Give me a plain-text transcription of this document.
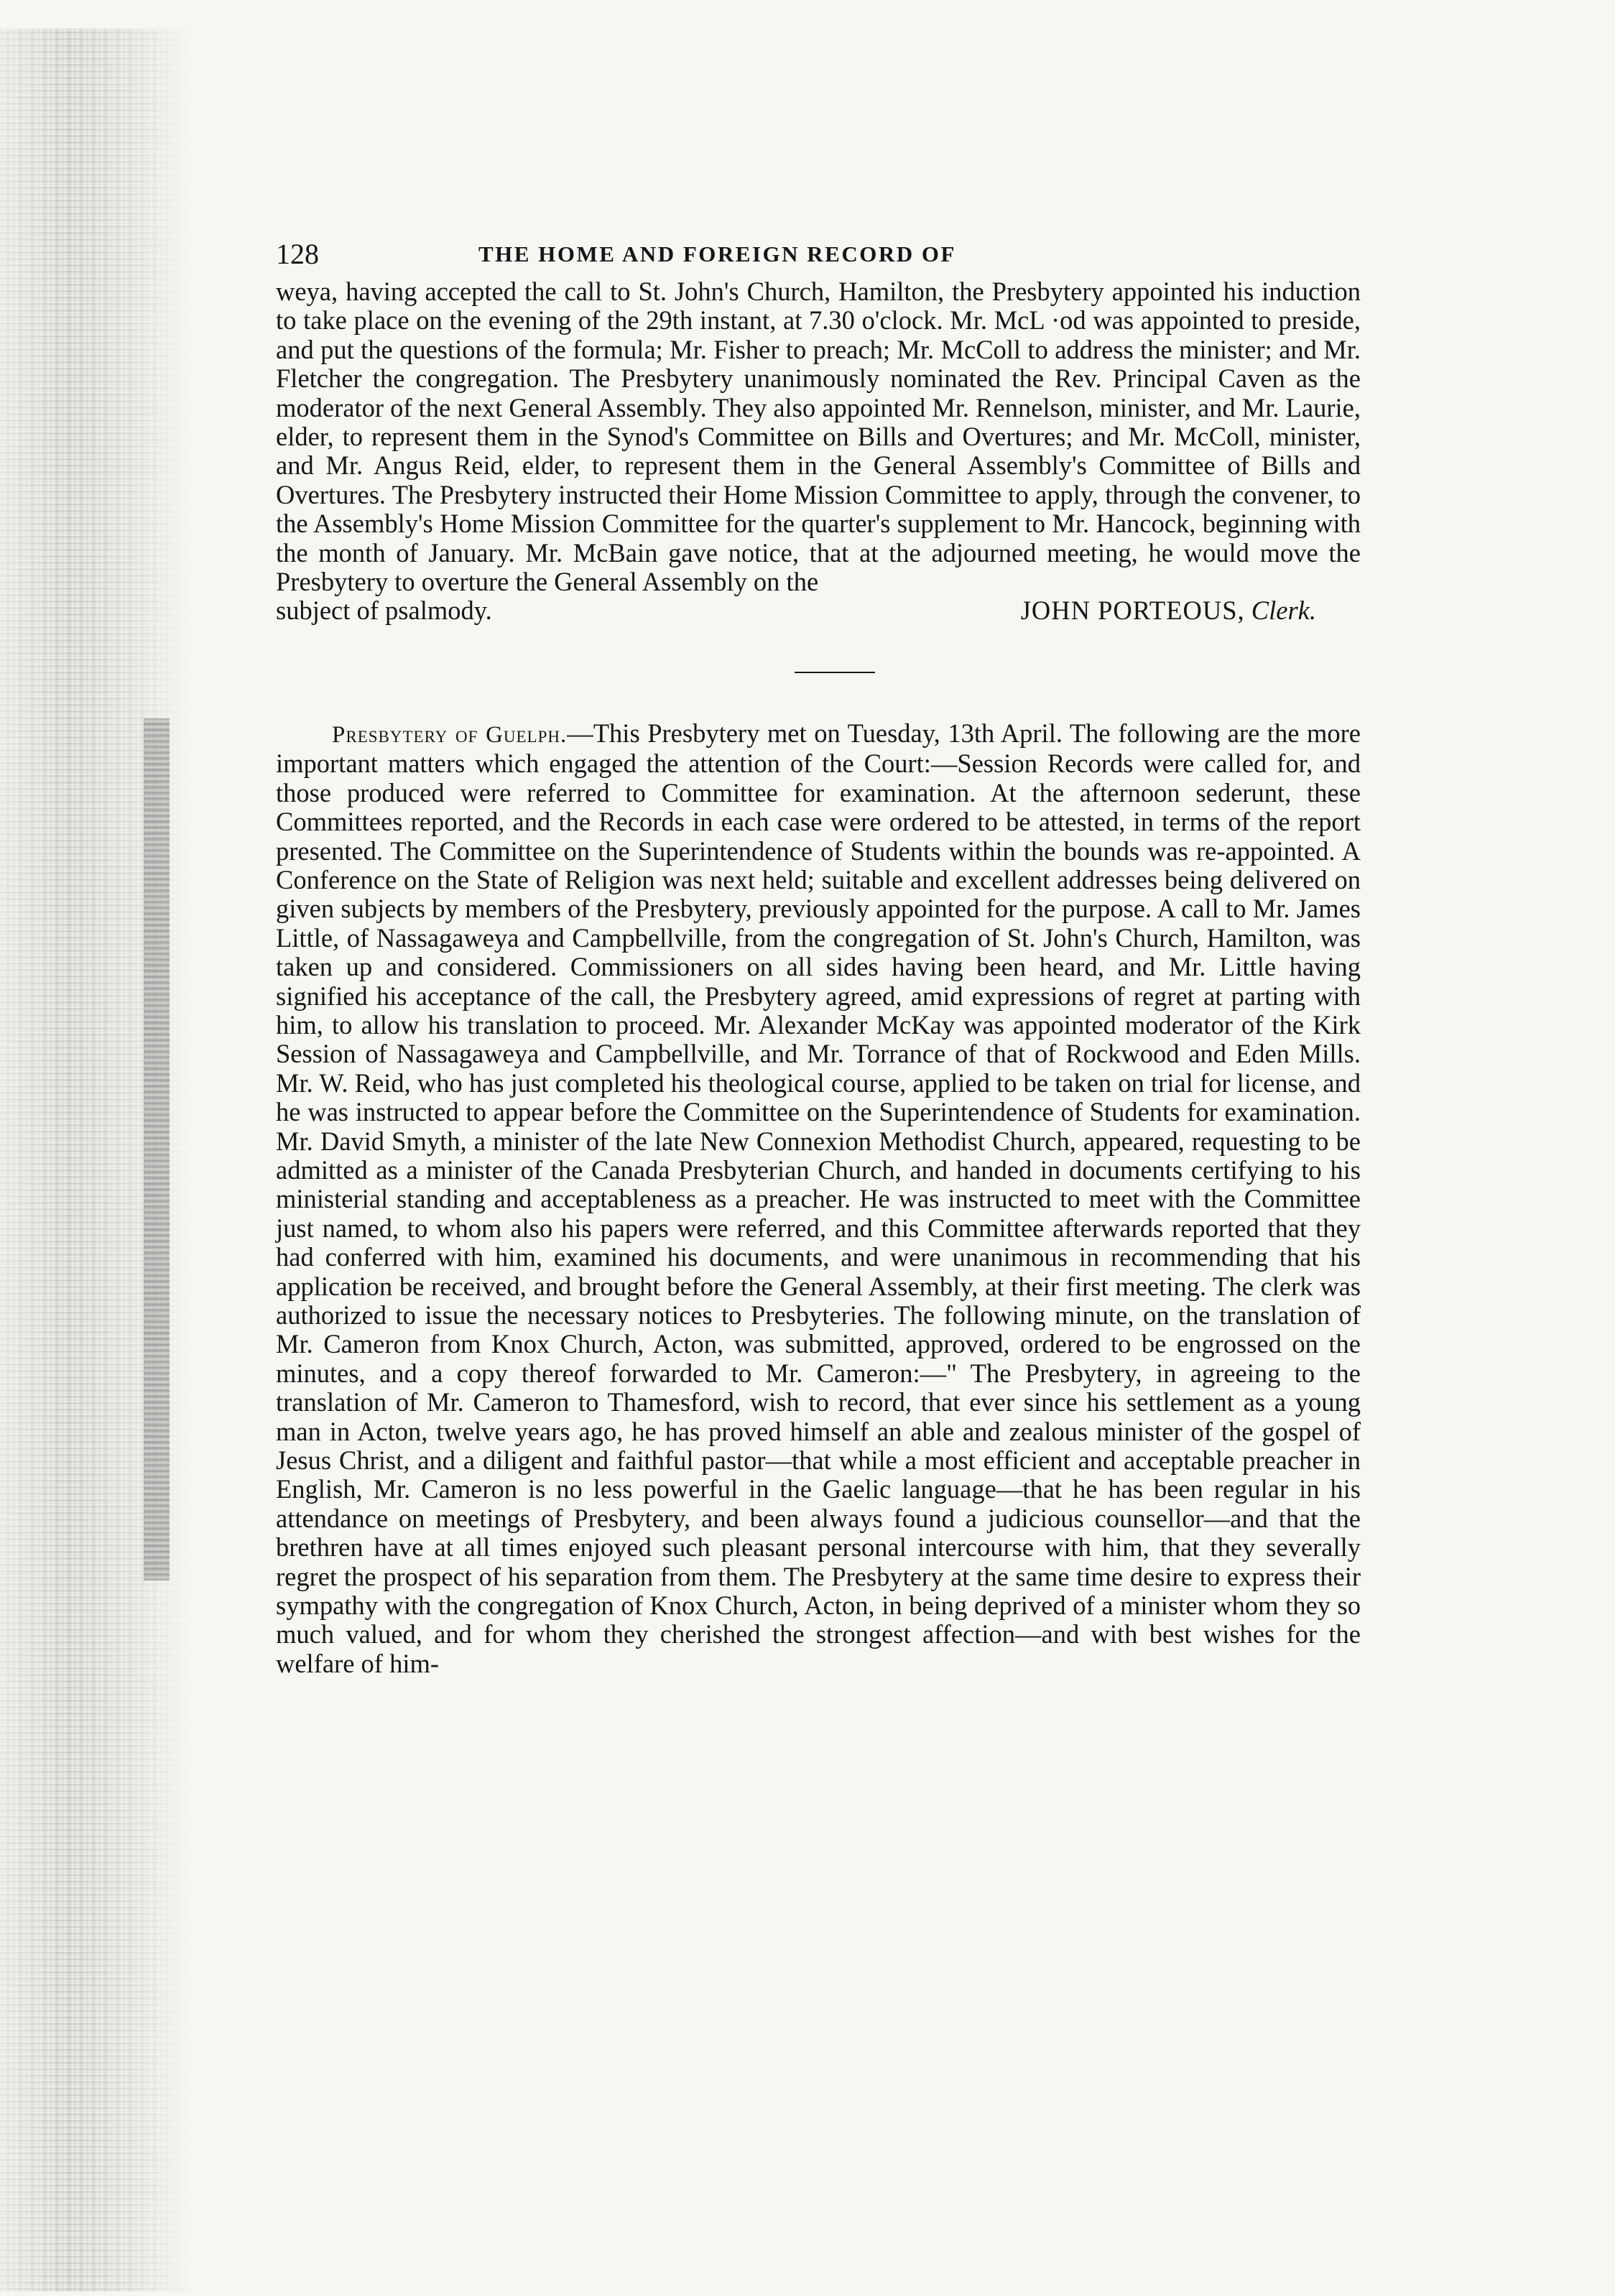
128	THE HOME AND FOREIGN RECORD OF
weya, having accepted the call to St. John's Church, Hamilton, the Presbytery appointed his induction to take place on the evening of the 29th instant, at 7.30 o'clock. Mr. McL ·od was appointed to preside, and put the questions of the formula; Mr. Fisher to preach; Mr. McColl to address the minister; and Mr. Fletcher the congregation. The Presbytery unanimously nominated the Rev. Principal Caven as the moderator of the next General Assembly. They also appointed Mr. Rennelson, minister, and Mr. Laurie, elder, to represent them in the Synod's Committee on Bills and Overtures; and Mr. McColl, minister, and Mr. Angus Reid, elder, to represent them in the General Assembly's Committee of Bills and Overtures. The Presbytery instructed their Home Mission Committee to apply, through the convener, to the Assembly's Home Mission Committee for the quarter's supplement to Mr. Hancock, beginning with the month of January. Mr. McBain gave notice, that at the adjourned meeting, he would move the Presbytery to overture the General Assembly on the
subject of psalmody.	JOHN PORTEOUS, Clerk.
Presbytery of Guelph.—This Presbytery met on Tuesday, 13th April. The following are the more important matters which engaged the attention of the Court:—Session Records were called for, and those produced were referred to Committee for examination. At the afternoon sederunt, these Committees reported, and the Records in each case were ordered to be attested, in terms of the report presented. The Committee on the Superintendence of Students within the bounds was re-appointed. A Conference on the State of Religion was next held; suitable and excellent addresses being delivered on given subjects by members of the Presbytery, previously appointed for the purpose. A call to Mr. James Little, of Nassagaweya and Campbellville, from the congregation of St. John's Church, Hamilton, was taken up and considered. Commissioners on all sides having been heard, and Mr. Little having signified his acceptance of the call, the Presbytery agreed, amid expressions of regret at parting with him, to allow his translation to proceed. Mr. Alexander McKay was appointed moderator of the Kirk Session of Nassagaweya and Campbellville, and Mr. Torrance of that of Rockwood and Eden Mills. Mr. W. Reid, who has just completed his theological course, applied to be taken on trial for license, and he was instructed to appear before the Committee on the Superintendence of Students for examination. Mr. David Smyth, a minister of the late New Connexion Methodist Church, appeared, requesting to be admitted as a minister of the Canada Presbyterian Church, and handed in documents certifying to his ministerial standing and acceptableness as a preacher. He was instructed to meet with the Committee just named, to whom also his papers were referred, and this Committee afterwards reported that they had conferred with him, examined his documents, and were unanimous in recommending that his application be received, and brought before the General Assembly, at their first meeting. The clerk was authorized to issue the necessary notices to Presbyteries. The following minute, on the translation of Mr. Cameron from Knox Church, Acton, was submitted, approved, ordered to be engrossed on the minutes, and a copy thereof forwarded to Mr. Cameron:—" The Presbytery, in agreeing to the translation of Mr. Cameron to Thamesford, wish to record, that ever since his settlement as a young man in Acton, twelve years ago, he has proved himself an able and zealous minister of the gospel of Jesus Christ, and a diligent and faithful pastor—that while a most efficient and acceptable preacher in English, Mr. Cameron is no less powerful in the Gaelic language—that he has been regular in his attendance on meetings of Presbytery, and been always found a judicious counsellor—and that the brethren have at all times enjoyed such pleasant personal intercourse with him, that they severally regret the prospect of his separation from them. The Presbytery at the same time desire to express their sympathy with the congregation of Knox Church, Acton, in being deprived of a minister whom they so much valued, and for whom they cherished the strongest affection—and with best wishes for the welfare of him-
